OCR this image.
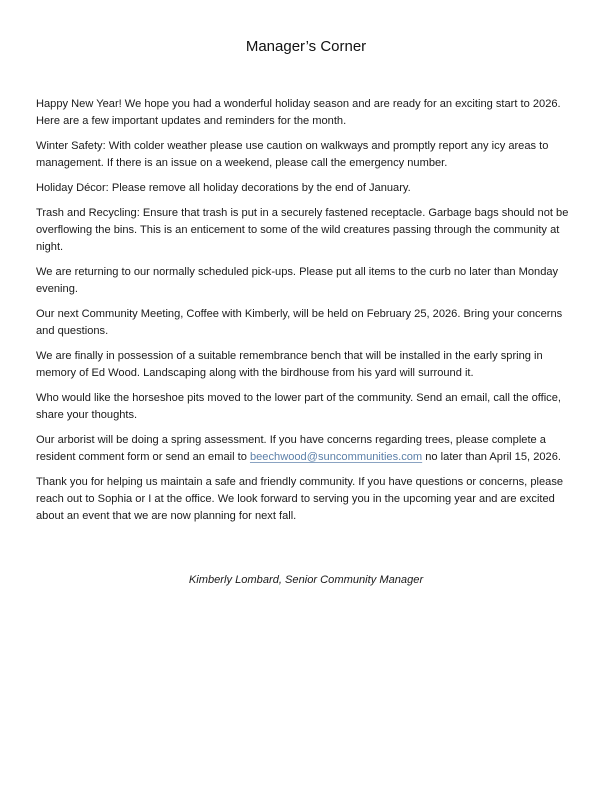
Manager’s Corner

Happy New Year! We hope you had a wonderful holiday season and are ready for an exciting start to 2026. Here are a few important updates and reminders for the month.

Winter Safety: With colder weather please use caution on walkways and promptly report any icy areas to management. If there is an issue on a weekend, please call the emergency number.

Holiday Décor: Please remove all holiday decorations by the end of January.

Trash and Recycling: Ensure that trash is put in a securely fastened receptacle. Garbage bags should not be overflowing the bins. This is an enticement to some of the wild creatures passing through the community at night.

We are returning to our normally scheduled pick-ups. Please put all items to the curb no later than Monday evening.

Our next Community Meeting, Coffee with Kimberly, will be held on February 25, 2026. Bring your concerns and questions.

We are finally in possession of a suitable remembrance bench that will be installed in the early spring in memory of Ed Wood. Landscaping along with the birdhouse from his yard will surround it.

Who would like the horseshoe pits moved to the lower part of the community. Send an email, call the office, share your thoughts.

Our arborist will be doing a spring assessment. If you have concerns regarding trees, please complete a resident comment form or send an email to beechwood@suncommunities.com no later than April 15, 2026.

Thank you for helping us maintain a safe and friendly community. If you have questions or concerns, please reach out to Sophia or I at the office. We look forward to serving you in the upcoming year and are excited about an event that we are now planning for next fall.

Kimberly Lombard, Senior Community Manager
